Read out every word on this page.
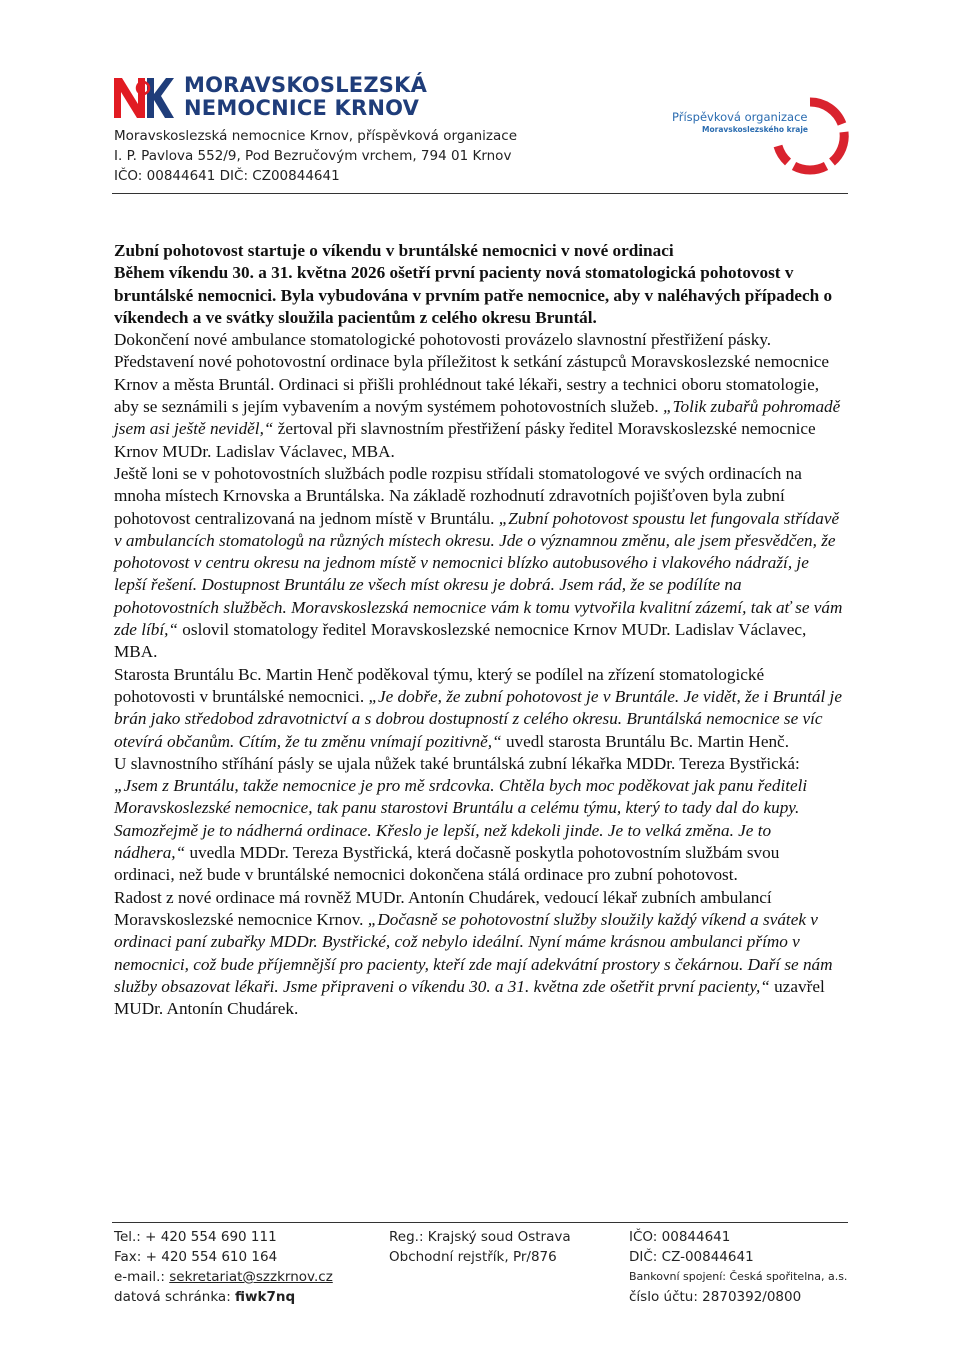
MORAVSKOSLEZSKÁ
NEMOCNICE KRNOV
Moravskoslezská nemocnice Krnov, příspěvková organizace
I. P. Pavlova 552/9, Pod Bezručovým vrchem, 794 01 Krnov
IČO: 00844641 DIČ: CZ00844641
Příspěvková organizace
Moravskoslezského kraje

Zubní pohotovost startuje o víkendu v bruntálské nemocnici v nové ordinaci

Během víkendu 30. a 31. května 2026 ošetří první pacienty nová stomatologická pohotovost v bruntálské nemocnici. Byla vybudována v prvním patře nemocnice, aby v naléhavých případech o víkendech a ve svátky sloužila pacientům z celého okresu Bruntál.

Dokončení nové ambulance stomatologické pohotovosti provázelo slavnostní přestřižení pásky. Představení nové pohotovostní ordinace byla příležitost k setkání zástupců Moravskoslezské nemocnice Krnov a města Bruntál. Ordinaci si přišli prohlédnout také lékaři, sestry a technici oboru stomatologie, aby se seznámili s jejím vybavením a novým systémem pohotovostních služeb. „Tolik zubařů pohromadě jsem asi ještě neviděl,“ žertoval při slavnostním přestřižení pásky ředitel Moravskoslezské nemocnice Krnov MUDr. Ladislav Václavec, MBA.

Ještě loni se v pohotovostních službách podle rozpisu střídali stomatologové ve svých ordinacích na mnoha místech Krnovska a Bruntálska. Na základě rozhodnutí zdravotních pojišťoven byla zubní pohotovost centralizovaná na jednom místě v Bruntálu. „Zubní pohotovost spoustu let fungovala střídavě v ambulancích stomatologů na různých místech okresu. Jde o významnou změnu, ale jsem přesvědčen, že pohotovost v centru okresu na jednom místě v nemocnici blízko autobusového i vlakového nádraží, je lepší řešení. Dostupnost Bruntálu ze všech míst okresu je dobrá. Jsem rád, že se podílíte na pohotovostních služběch. Moravskoslezská nemocnice vám k tomu vytvořila kvalitní zázemí, tak ať se vám zde líbí,“ oslovil stomatology ředitel Moravskoslezské nemocnice Krnov MUDr. Ladislav Václavec, MBA.

Starosta Bruntálu Bc. Martin Henč poděkoval týmu, který se podílel na zřízení stomatologické pohotovosti v bruntálské nemocnici. „Je dobře, že zubní pohotovost je v Bruntále. Je vidět, že i Bruntál je brán jako středobod zdravotnictví a s dobrou dostupností z celého okresu. Bruntálská nemocnice se víc otevírá občanům. Cítím, že tu změnu vnímají pozitivně,“ uvedl starosta Bruntálu Bc. Martin Henč.

U slavnostního stříhání pásly se ujala nůžek také bruntálská zubní lékařka MDDr. Tereza Bystřická: „Jsem z Bruntálu, takže nemocnice je pro mě srdcovka. Chtěla bych moc poděkovat jak panu řediteli Moravskoslezské nemocnice, tak panu starostovi Bruntálu a celému týmu, který to tady dal do kupy. Samozřejmě je to nádherná ordinace. Křeslo je lepší, než kdekoli jinde. Je to velká změna. Je to nádhera,“ uvedla MDDr. Tereza Bystřická, která dočasně poskytla pohotovostním službám svou ordinaci, než bude v bruntálské nemocnici dokončena stálá ordinace pro zubní pohotovost.

Radost z nové ordinace má rovněž MUDr. Antonín Chudárek, vedoucí lékař zubních ambulancí Moravskoslezské nemocnice Krnov. „Dočasně se pohotovostní služby sloužily každý víkend a svátek v ordinaci paní zubařky MDDr. Bystřické, což nebylo ideální. Nyní máme krásnou ambulanci přímo v nemocnici, což bude příjemnější pro pacienty, kteří zde mají adekvátní prostory s čekárnou. Daří se nám služby obsazovat lékaři. Jsme připraveni o víkendu 30. a 31. května zde ošetřit první pacienty,“ uzavřel MUDr. Antonín Chudárek.

Tel.: + 420 554 690 111
Fax: + 420 554 610 164
e-mail.: sekretariat@szzkrnov.cz
datová schránka: fiwk7nq
Reg.: Krajský soud Ostrava
Obchodní rejstřík, Pr/876
IČO: 00844641
DIČ: CZ-00844641
Bankovní spojení: Česká spořitelna, a.s.
číslo účtu: 2870392/0800
